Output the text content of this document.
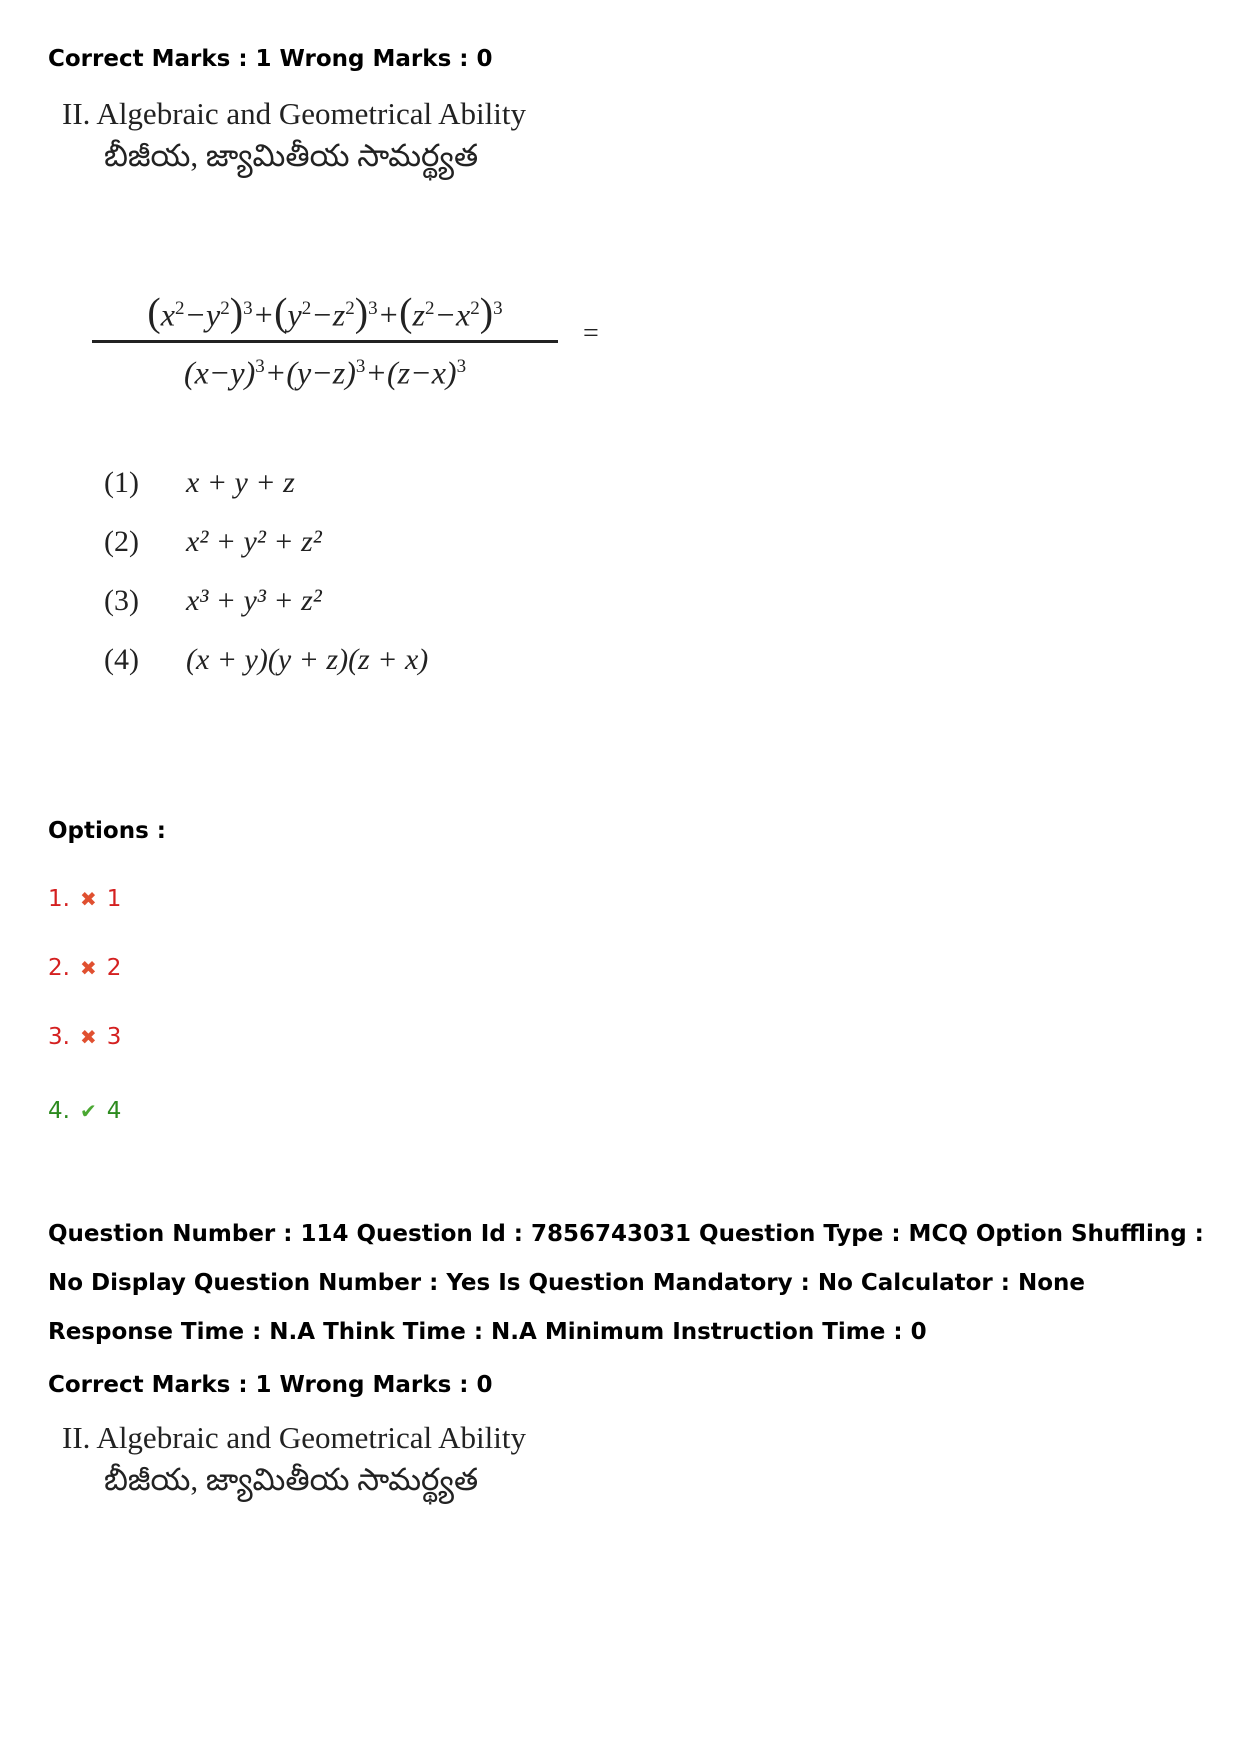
Correct Marks : 1 Wrong Marks : 0
II. Algebraic and Geometrical Ability
బీజీయ, జ్యామితీయ సామర్థ్యత
$(x^2-y^2)^3+(y^2-z^2)^3+(z^2-x^2)^3$
$(x-y)^3+(y-z)^3+(z-x)^3$
=
(1) x + y + z
(2) x² + y² + z²
(3) x³ + y³ + z²
(4) (x + y)(y + z)(z + x)
Options :
1. ✖ 1
2. ✖ 2
3. ✖ 3
4. ✔ 4
Question Number : 114 Question Id : 7856743031 Question Type : MCQ Option Shuffling : No Display Question Number : Yes Is Question Mandatory : No Calculator : None Response Time : N.A Think Time : N.A Minimum Instruction Time : 0
Correct Marks : 1 Wrong Marks : 0
II. Algebraic and Geometrical Ability
బీజీయ, జ్యామితీయ సామర్థ్యత
